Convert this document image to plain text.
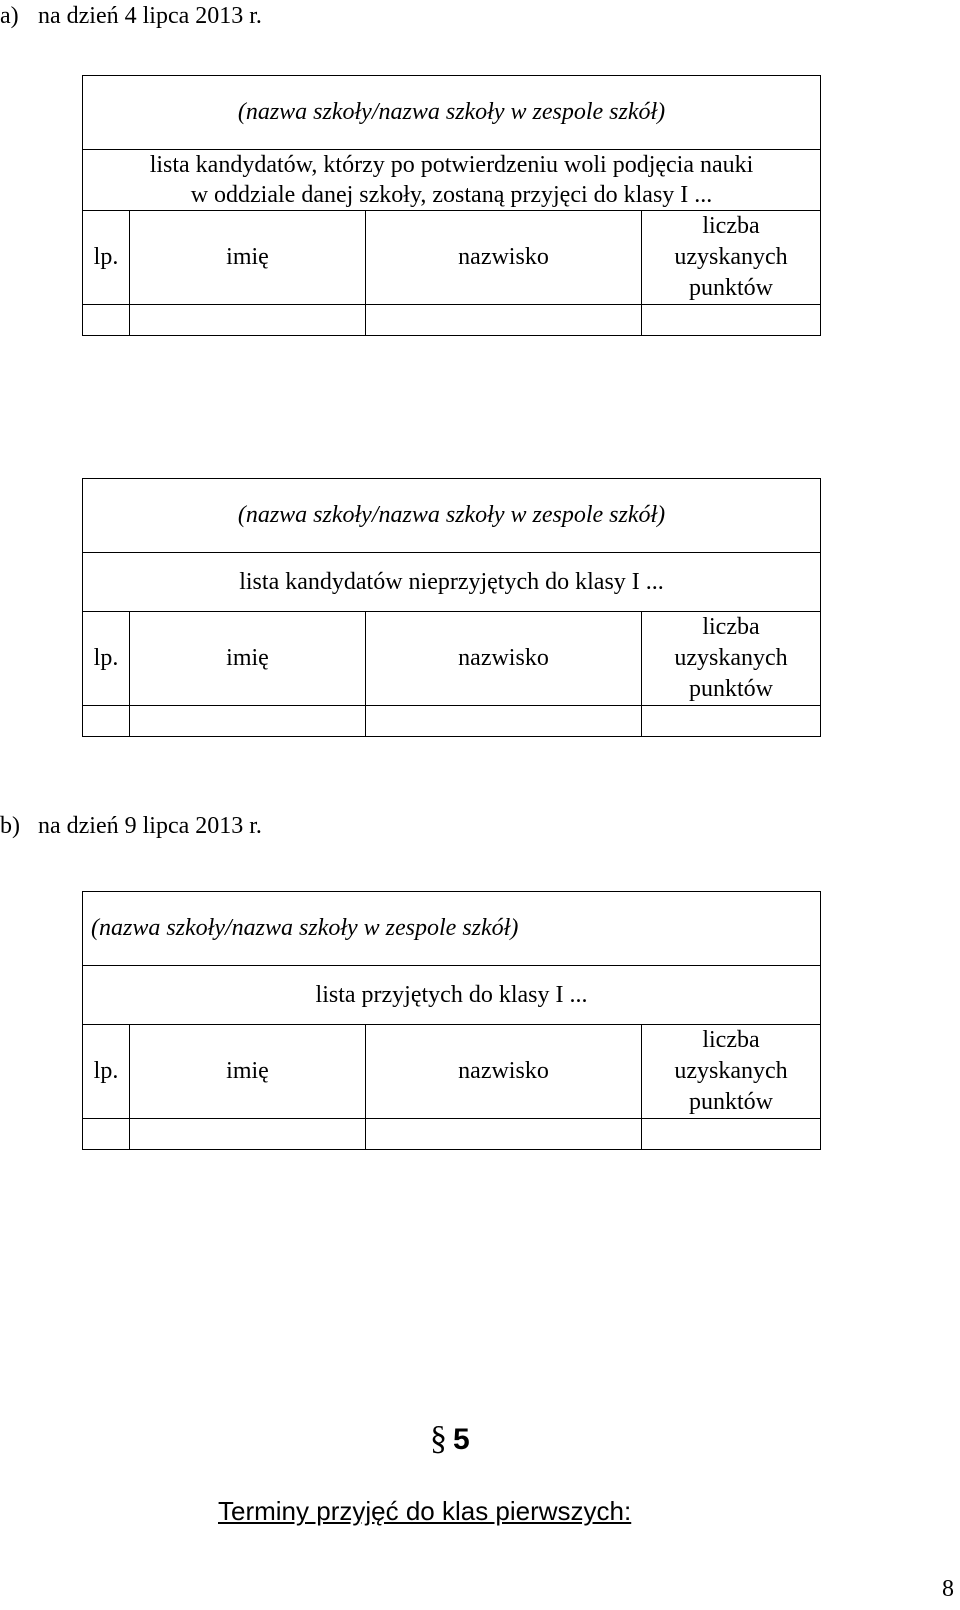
a) na dzień 4 lipca 2013 r.
(nazwa szkoły/nazwa szkoły w zespole szkół)			

lista kandydatów, którzy po potwierdzeniu woli podjęcia nauki
w oddziale danej szkoły, zostaną przyjęci do klasy I ...			

lp.	imię	nazwisko	liczba
uzyskanych
punktów

(nazwa szkoły/nazwa szkoły w zespole szkół)			
lista kandydatów nieprzyjętych do klasy I ...			
lp.	imię	nazwisko	liczba
uzyskanych
punktów

b) na dzień 9 lipca 2013 r.
(nazwa szkoły/nazwa szkoły w zespole szkół)			
lista przyjętych do klasy I ...			
lp.	imię	nazwisko	liczba
uzyskanych
punktów

§ 5
Terminy przyjęć do klas pierwszych:
8
